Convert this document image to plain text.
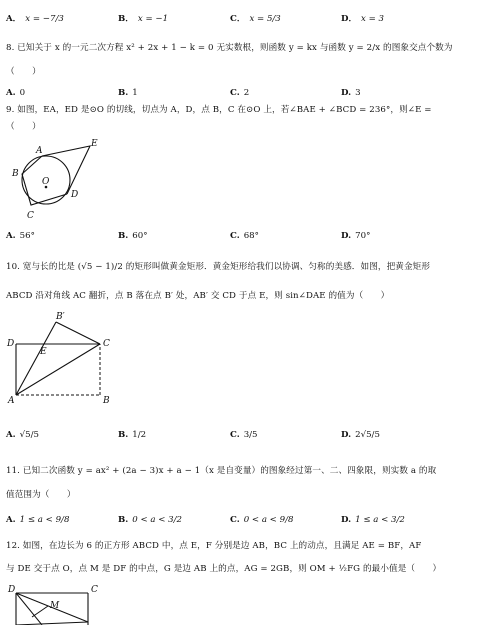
A． x = −7/3	B． x = −1	C． x = 5/3	D． x = 3
8. 已知关于 x 的一元二次方程 x² + 2x + 1 − k = 0 无实数根，则函数 y = kx 与函数 y = 2/x 的图象交点个数为
（　　）
A. 0	B. 1	C. 2	D. 3
9. 如图，EA，ED 是⊙O 的切线，切点为 A，D，点 B，C 在⊙O 上，若∠BAE + ∠BCD = 236°，则∠E =
（　　）
A
E
B
O
D
C
A. 56°	B. 60°	C. 68°	D. 70°
10. 宽与长的比是 (√5 − 1)/2 的矩形叫做黄金矩形．黄金矩形给我们以协调、匀称的美感．如图，把黄金矩形
ABCD 沿对角线 AC 翻折，点 B 落在点 B′ 处，AB′ 交 CD 于点 E，则 sin∠DAE 的值为（　　）
B′
D
E
C
A	B
A. √5/5	B. 1/2	C. 3/5	D. 2√5/5
11. 已知二次函数 y = ax² + (2a − 3)x + a − 1（x 是自变量）的图象经过第一、二、四象限，则实数 a 的取
值范围为（　　）
A. 1 ≤ a < 9/8	B. 0 < a < 3/2	C. 0 < a < 9/8	D. 1 ≤ a < 3/2
12. 如图，在边长为 6 的正方形 ABCD 中，点 E，F 分别是边 AB，BC 上的动点，且满足 AE = BF，AF
与 DE 交于点 O，点 M 是 DF 的中点，G 是边 AB 上的点，AG = 2GB，则 OM + ½FG 的最小值是（　　）
D	C
M
